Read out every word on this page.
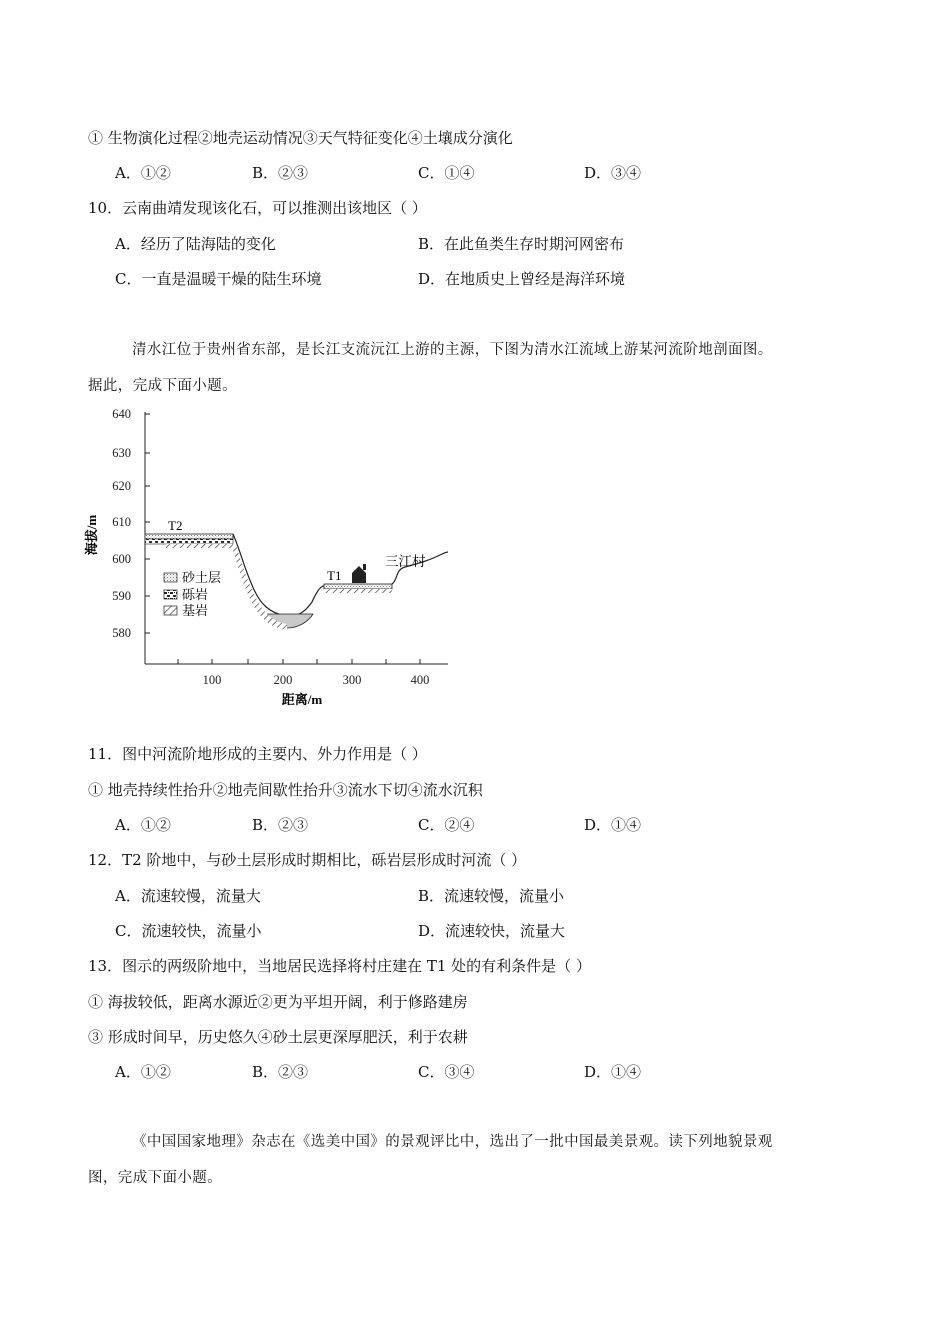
① 生物演化过程②地壳运动情况③天气特征变化④土壤成分演化
A．①②	B．②③	C．①④	D．③④
10．云南曲靖发现该化石，可以推测出该地区（ ）
A．经历了陆海陆的变化	B．在此鱼类生存时期河网密布
C．一直是温暖干燥的陆生环境	D．在地质史上曾经是海洋环境
清水江位于贵州省东部，是长江支流沅江上游的主源，下图为清水江流域上游某河流阶地剖面图。
据此，完成下面小题。
640
630
620
610
600
590
580
100	200	300	400
海拔/m
距离/m
T2
T1
三江村
砂土层
砾岩
基岩
11．图中河流阶地形成的主要内、外力作用是（ ）
① 地壳持续性抬升②地壳间歇性抬升③流水下切④流水沉积
A．①②	B．②③	C．②④	D．①④
12．T2 阶地中，与砂土层形成时期相比，砾岩层形成时河流（ ）
A．流速较慢，流量大	B．流速较慢，流量小
C．流速较快，流量小	D．流速较快，流量大
13．图示的两级阶地中，当地居民选择将村庄建在 T1 处的有利条件是（ ）
① 海拔较低，距离水源近②更为平坦开阔，利于修路建房
③ 形成时间早，历史悠久④砂土层更深厚肥沃，利于农耕
A．①②	B．②③	C．③④	D．①④
《中国国家地理》杂志在《选美中国》的景观评比中，选出了一批中国最美景观。读下列地貌景观
图，完成下面小题。
